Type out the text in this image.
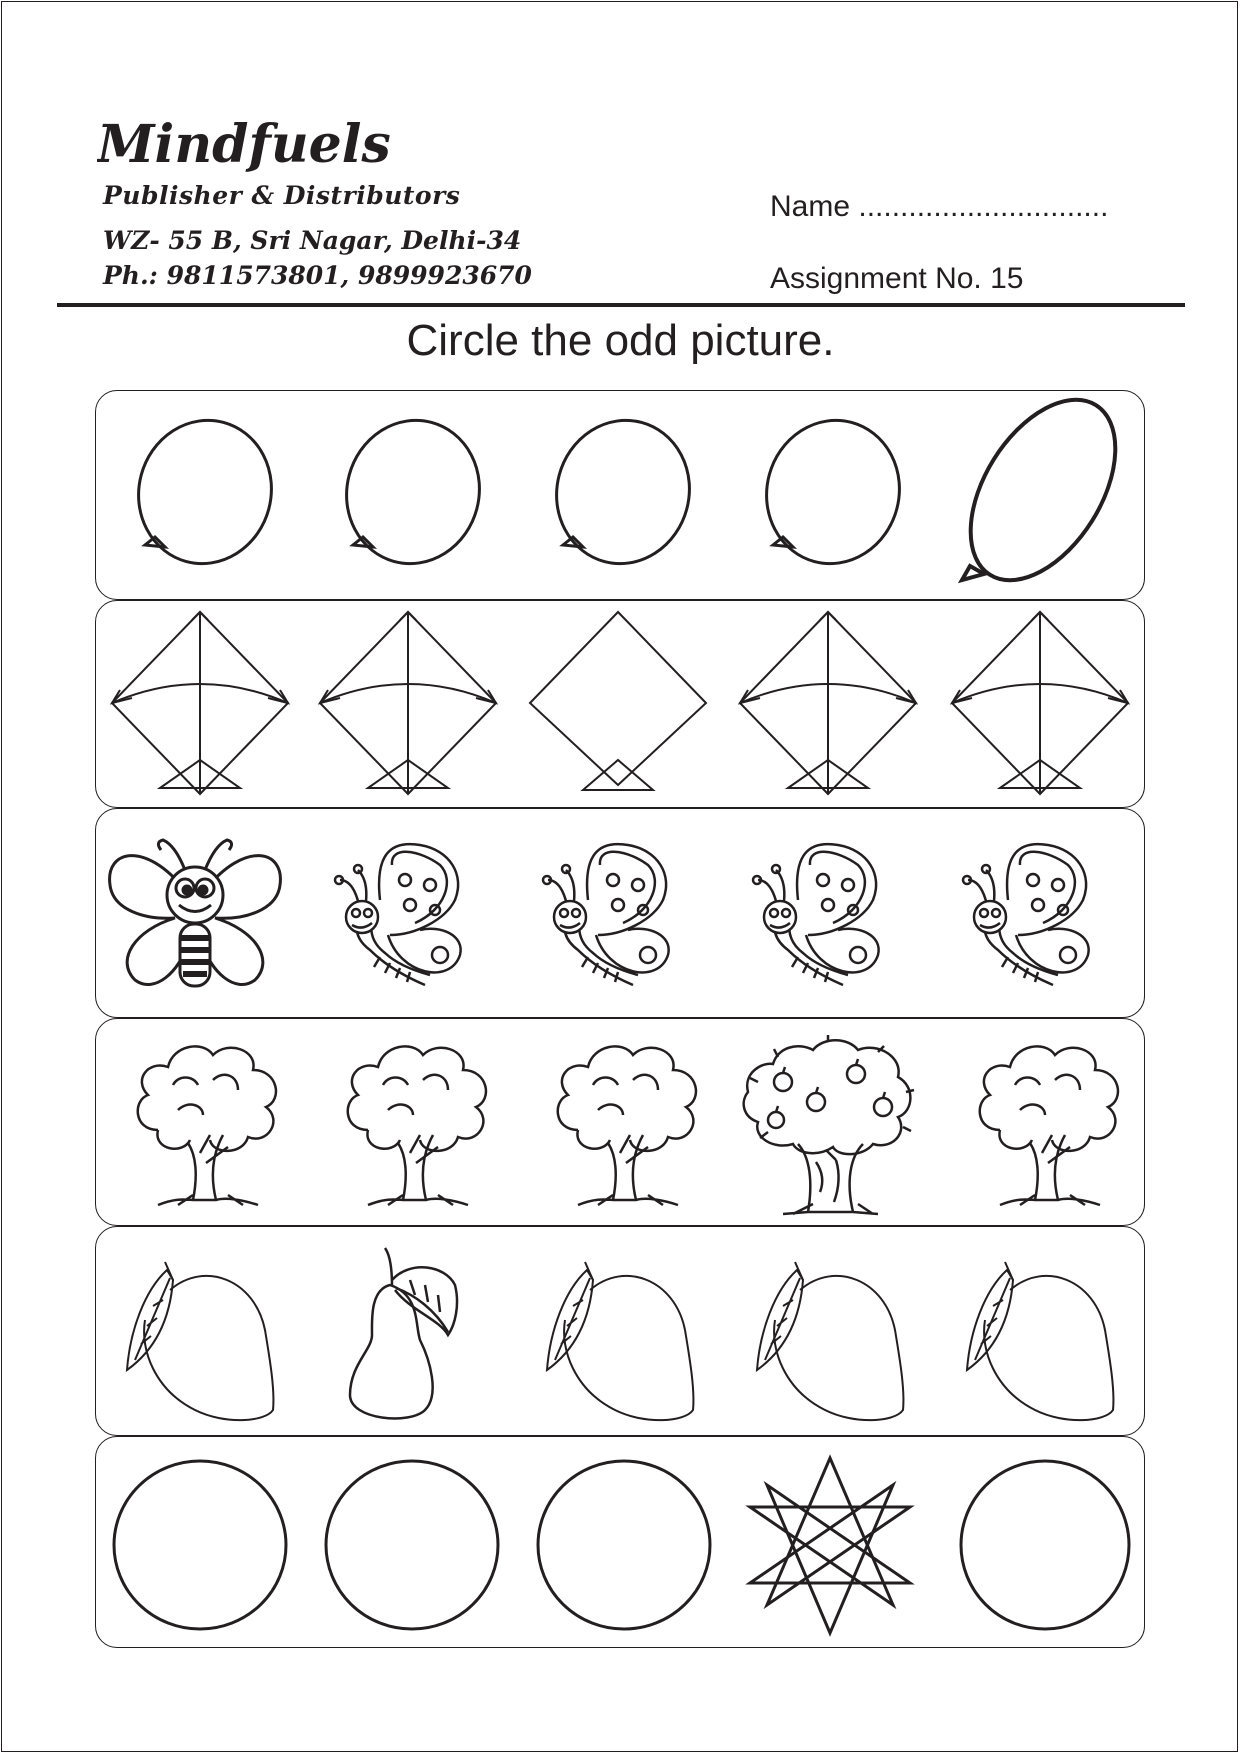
Mindfuels
Publisher & Distributors
WZ- 55 B, Sri Nagar, Delhi-34
Ph.: 9811573801, 9899923670
Name ..............................
Assignment No. 15
Circle the odd picture.
